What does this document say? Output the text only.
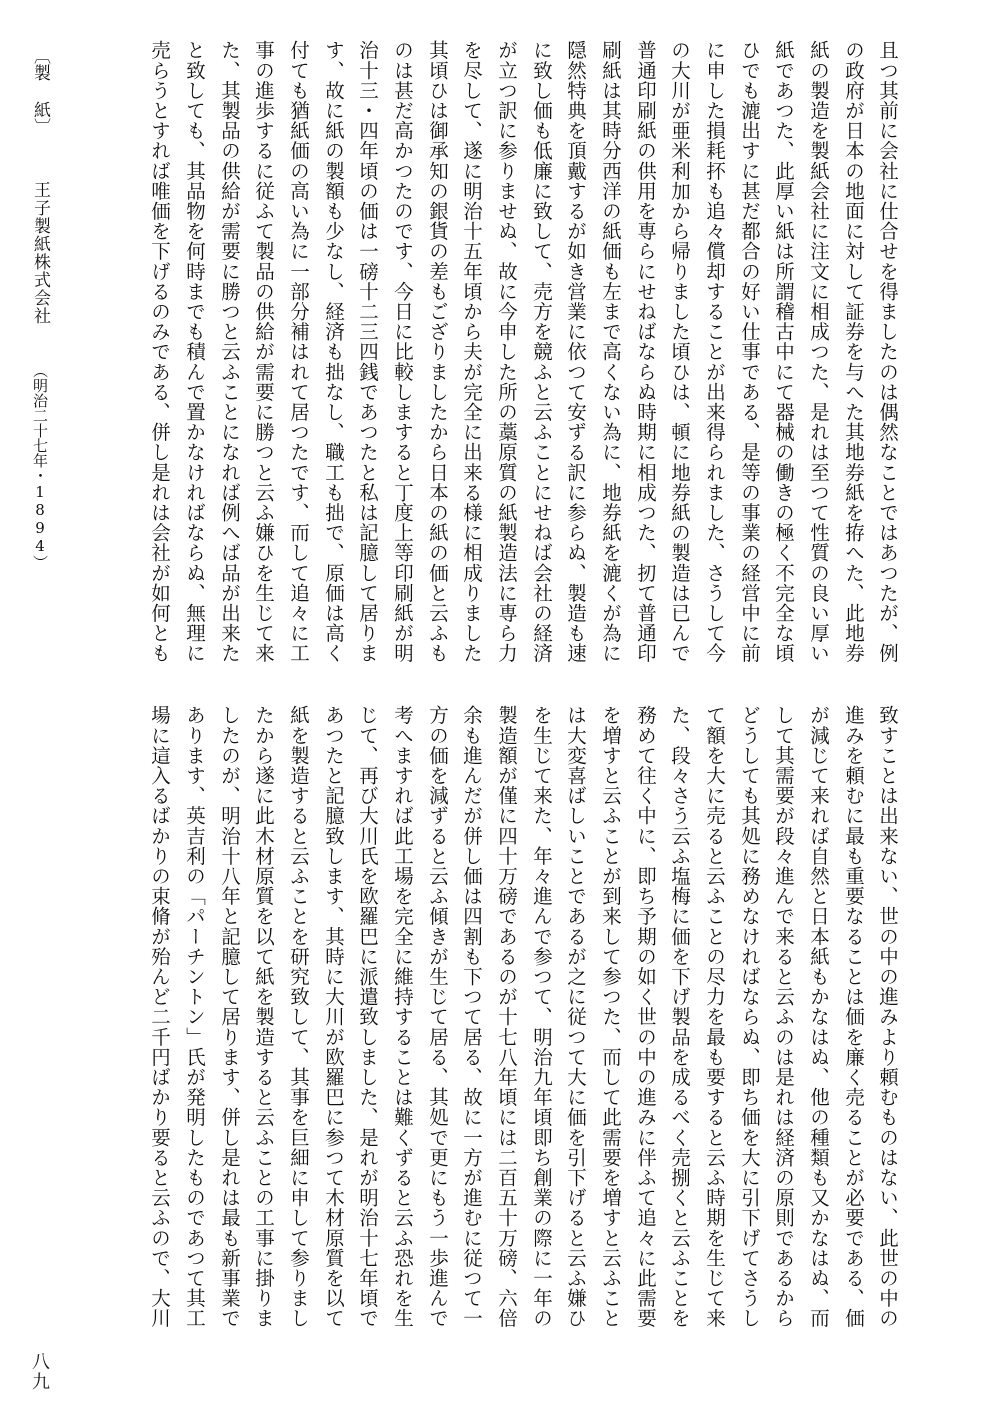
且つ其前に会社に仕合せを得ましたのは偶然なことではあつたが、例
の政府が日本の地面に対して証券を与へた其地券紙を拵へた、此地券
紙の製造を製紙会社に注文に相成つた、是れは至つて性質の良い厚い
紙であつた、此厚い紙は所謂稽古中にて器械の働きの極く不完全な頃
ひでも漉出すに甚だ都合の好い仕事である、是等の事業の経営中に前
に申した損耗抔も追々償却することが出来得られました、さうして今
の大川が亜米利加から帰りました頃ひは、頓に地券紙の製造は已んで
普通印刷紙の供用を専らにせねばならぬ時期に相成つた、扨て普通印
刷紙は其時分西洋の紙価も左まで高くない為に、地券紙を漉くが為に
隠然特典を頂戴するが如き営業に依つて安ずる訳に参らぬ、製造も速
に致し価も低廉に致して、売方を競ふと云ふことにせねば会社の経済
が立つ訳に参りませぬ、故に今申した所の藁原質の紙製造法に専ら力
を尽して、遂に明治十五年頃から夫が完全に出来る様に相成りました
其頃ひは御承知の銀貨の差もござりましたから日本の紙の価と云ふも
のは甚だ高かつたのです、今日に比較しますると丁度上等印刷紙が明
治十三・四年頃の価は一磅十二三四銭であつたと私は記臆して居りま
す、故に紙の製額も少なし、経済も拙なし、職工も拙で、原価は高く
付ても猶紙価の高い為に一部分補はれて居つたです、而して追々に工
事の進歩するに従ふて製品の供給が需要に勝つと云ふ嫌ひを生じて来
た、其製品の供給が需要に勝つと云ふことになれば例へば品が出来た
と致しても、其品物を何時までも積んで置かなければならぬ、無理に
売らうとすれば唯価を下げるのみである、併し是れは会社が如何とも
致すことは出来ない、世の中の進みより頼むものはない、此世の中の
進みを頼むに最も重要なることは価を廉く売ることが必要である、価
が減じて来れば自然と日本紙もかなはぬ、他の種類も又かなはぬ、而
して其需要が段々進んで来ると云ふのは是れは経済の原則であるから
どうしても其処に務めなければならぬ、即ち価を大に引下げてさうし
て額を大に売ると云ふことの尽力を最も要すると云ふ時期を生じて来
た、段々さう云ふ塩梅に価を下げ製品を成るべく売捌くと云ふことを
務めて往く中に、即ち予期の如く世の中の進みに伴ふて追々に此需要
を増すと云ふことが到来して参つた、而して此需要を増すと云ふこと
は大変喜ばしいことであるが之に従つて大に価を引下げると云ふ嫌ひ
を生じて来た、年々進んで参つて、明治九年頃即ち創業の際に一年の
製造額が僅に四十万磅であるのが十七八年頃には二百五十万磅、六倍
余も進んだが併し価は四割も下つて居る、故に一方が進むに従つて一
方の価を減ずると云ふ傾きが生じて居る、其処で更にもう一歩進んで
考へますれば此工場を完全に維持することは難くずると云ふ恐れを生
じて、再び大川氏を欧羅巴に派遣致しました、是れが明治十七年頃で
あつたと記臆致します、其時に大川が欧羅巴に参つて木材原質を以て
紙を製造すると云ふことを研究致して、其事を巨細に申して参りまし
たから遂に此木材原質を以て紙を製造すると云ふことの工事に掛りま
したのが、明治十八年と記臆して居ります、併し是れは最も新事業で
あります、英吉利の「パーチントン」氏が発明したものであつて其工
場に這入るばかりの束脩が殆んど二千円ばかり要ると云ふので、大川
〔製 紙〕 王子製紙株式会社 （明治二十七年・1894）
八九
